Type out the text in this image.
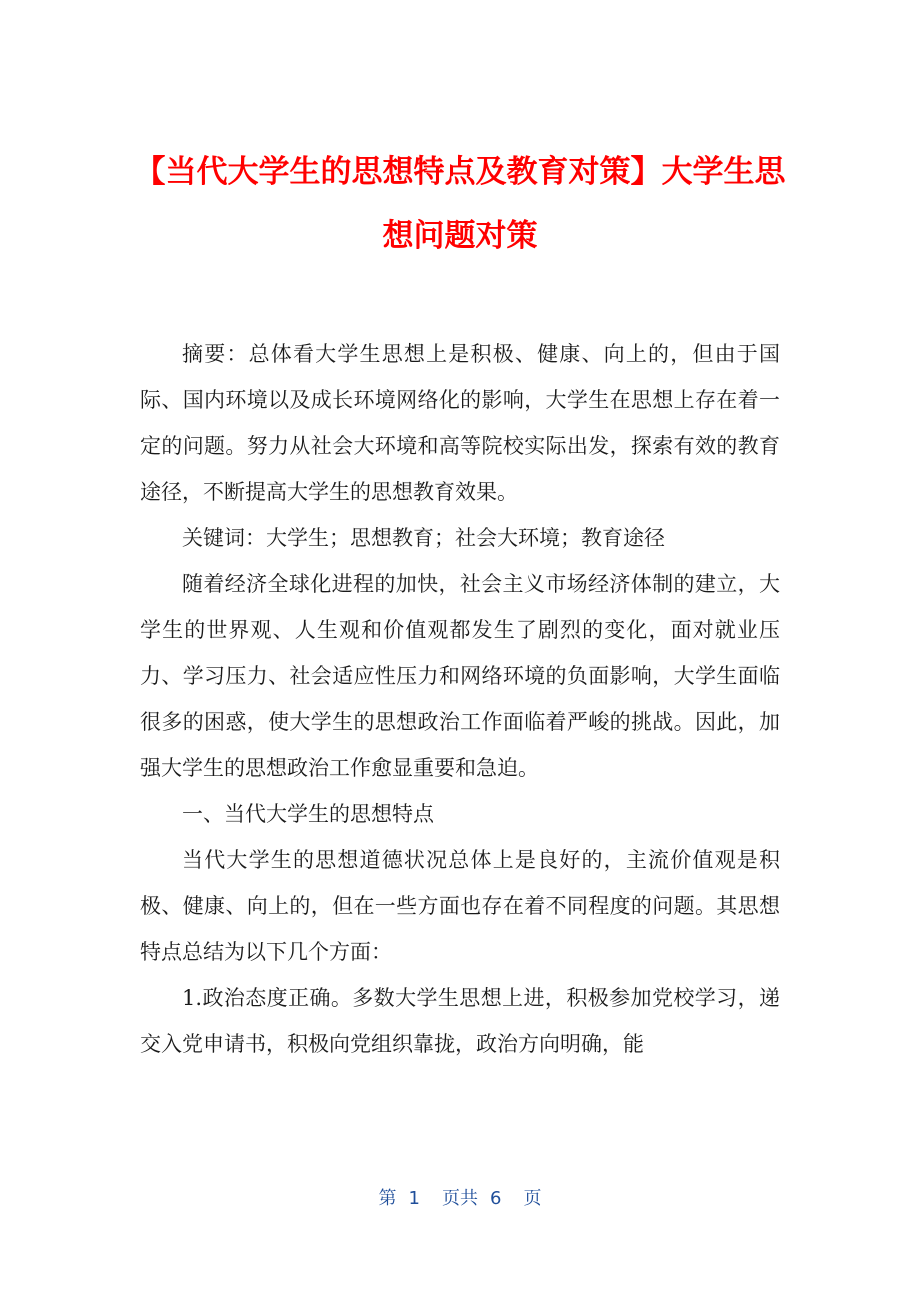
【当代大学生的思想特点及教育对策】大学生思想问题对策

摘要：总体看大学生思想上是积极、健康、向上的，但由于国际、国内环境以及成长环境网络化的影响，大学生在思想上存在着一定的问题。努力从社会大环境和高等院校实际出发，探索有效的教育途径，不断提高大学生的思想教育效果。

关键词：大学生；思想教育；社会大环境；教育途径

随着经济全球化进程的加快，社会主义市场经济体制的建立，大学生的世界观、人生观和价值观都发生了剧烈的变化，面对就业压力、学习压力、社会适应性压力和网络环境的负面影响，大学生面临很多的困惑，使大学生的思想政治工作面临着严峻的挑战。因此，加强大学生的思想政治工作愈显重要和急迫。

一、当代大学生的思想特点

当代大学生的思想道德状况总体上是良好的，主流价值观是积极、健康、向上的，但在一些方面也存在着不同程度的问题。其思想特点总结为以下几个方面：

1.政治态度正确。多数大学生思想上进，积极参加党校学习，递交入党申请书，积极向党组织靠拢，政治方向明确，能

第 1 页共 6 页
